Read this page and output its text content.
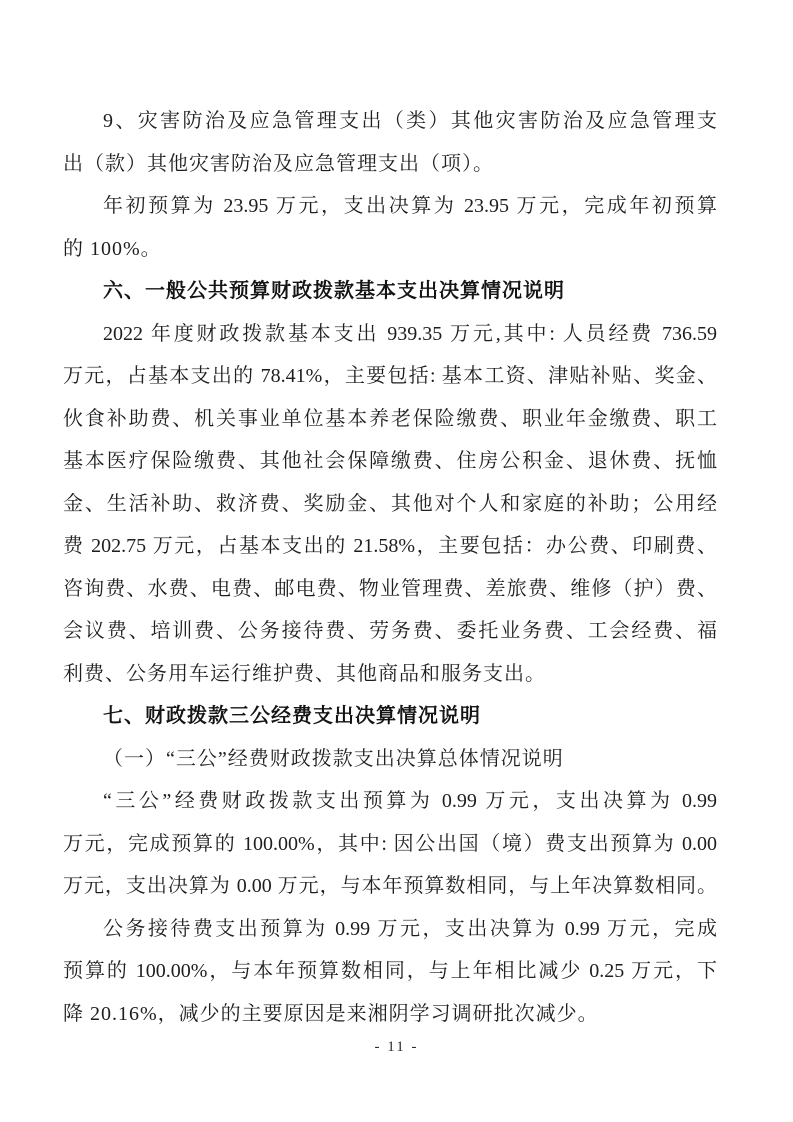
9、灾害防治及应急管理支出（类）其他灾害防治及应急管理支
出（款）其他灾害防治及应急管理支出（项）。
年初预算为 23.95 万元，支出决算为 23.95 万元，完成年初预算
的 100%。
六、一般公共预算财政拨款基本支出决算情况说明
2022 年度财政拨款基本支出 939.35 万元,其中: 人员经费 736.59
万元，占基本支出的 78.41%，主要包括: 基本工资、津贴补贴、奖金、
伙食补助费、机关事业单位基本养老保险缴费、职业年金缴费、职工
基本医疗保险缴费、其他社会保障缴费、住房公积金、退休费、抚恤
金、生活补助、救济费、奖励金、其他对个人和家庭的补助；公用经
费 202.75 万元，占基本支出的 21.58%，主要包括：办公费、印刷费、
咨询费、水费、电费、邮电费、物业管理费、差旅费、维修（护）费、
会议费、培训费、公务接待费、劳务费、委托业务费、工会经费、福
利费、公务用车运行维护费、其他商品和服务支出。
七、财政拨款三公经费支出决算情况说明
（一）“三公”经费财政拨款支出决算总体情况说明
“三公”经费财政拨款支出预算为 0.99 万元，支出决算为 0.99
万元，完成预算的 100.00%，其中: 因公出国（境）费支出预算为 0.00
万元，支出决算为 0.00 万元，与本年预算数相同，与上年决算数相同。
公务接待费支出预算为 0.99 万元，支出决算为 0.99 万元，完成
预算的 100.00%，与本年预算数相同，与上年相比减少 0.25 万元，下
降 20.16%，减少的主要原因是来湘阴学习调研批次减少。
- 11 -
